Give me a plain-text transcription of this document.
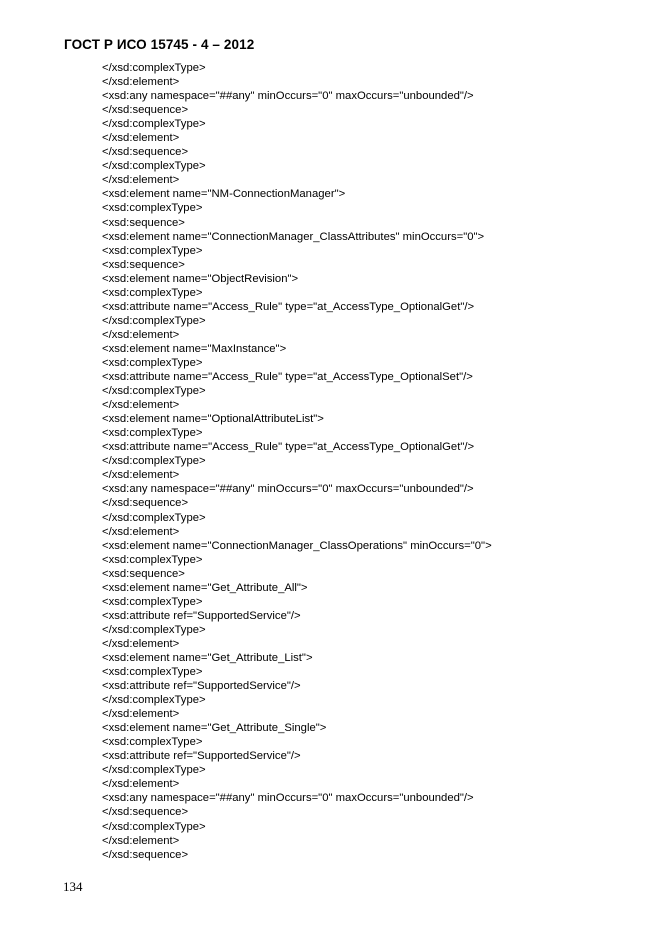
ГОСТ Р ИСО 15745 - 4 – 2012
</xsd:complexType>
</xsd:element>
<xsd:any namespace="##any" minOccurs="0" maxOccurs="unbounded"/>
</xsd:sequence>
</xsd:complexType>
</xsd:element>
</xsd:sequence>
</xsd:complexType>
</xsd:element>
<xsd:element name="NM-ConnectionManager">
<xsd:complexType>
<xsd:sequence>
<xsd:element name="ConnectionManager_ClassAttributes" minOccurs="0">
<xsd:complexType>
<xsd:sequence>
<xsd:element name="ObjectRevision">
<xsd:complexType>
<xsd:attribute name="Access_Rule" type="at_AccessType_OptionalGet"/>
</xsd:complexType>
</xsd:element>
<xsd:element name="MaxInstance">
<xsd:complexType>
<xsd:attribute name="Access_Rule" type="at_AccessType_OptionalSet"/>
</xsd:complexType>
</xsd:element>
<xsd:element name="OptionalAttributeList">
<xsd:complexType>
<xsd:attribute name="Access_Rule" type="at_AccessType_OptionalGet"/>
</xsd:complexType>
</xsd:element>
<xsd:any namespace="##any" minOccurs="0" maxOccurs="unbounded"/>
</xsd:sequence>
</xsd:complexType>
</xsd:element>
<xsd:element name="ConnectionManager_ClassOperations" minOccurs="0">
<xsd:complexType>
<xsd:sequence>
<xsd:element name="Get_Attribute_All">
<xsd:complexType>
<xsd:attribute ref="SupportedService"/>
</xsd:complexType>
</xsd:element>
<xsd:element name="Get_Attribute_List">
<xsd:complexType>
<xsd:attribute ref="SupportedService"/>
</xsd:complexType>
</xsd:element>
<xsd:element name="Get_Attribute_Single">
<xsd:complexType>
<xsd:attribute ref="SupportedService"/>
</xsd:complexType>
</xsd:element>
<xsd:any namespace="##any" minOccurs="0" maxOccurs="unbounded"/>
</xsd:sequence>
</xsd:complexType>
</xsd:element>
</xsd:sequence>
134
